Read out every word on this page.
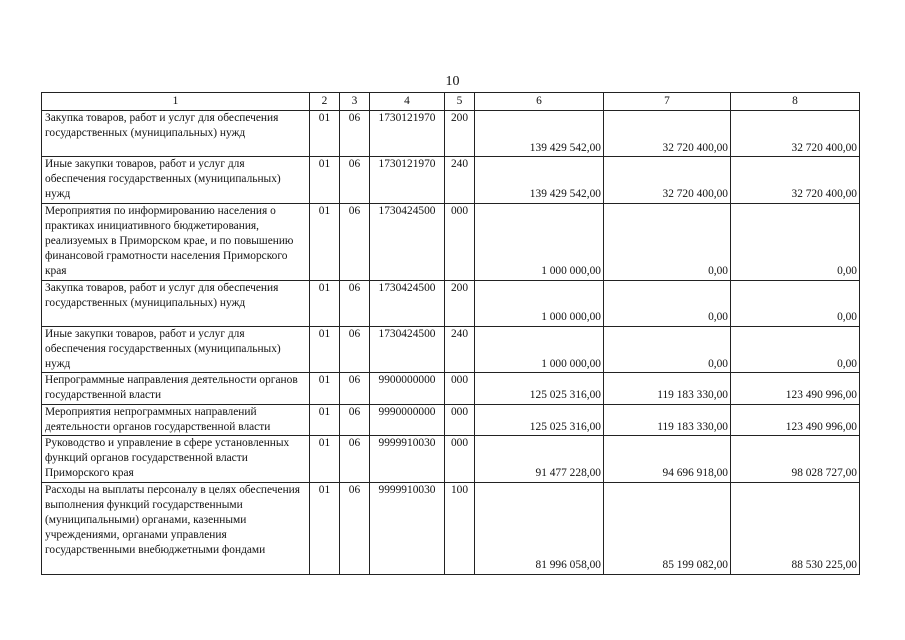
10
1	2	3	4	5	6	7	8
Закупка товаров, работ и услуг для обеспечения государственных (муниципальных) нужд	01	06	1730121970	200	139 429 542,00	32 720 400,00	32 720 400,00
Иные закупки товаров, работ и услуг для обеспечения государственных (муниципальных) нужд	01	06	1730121970	240	139 429 542,00	32 720 400,00	32 720 400,00
Мероприятия по информированию населения о практиках инициативного бюджетирования, реализуемых в Приморском крае, и по повышению финансовой грамотности населения Приморского края	01	06	1730424500	000	1 000 000,00	0,00	0,00
Закупка товаров, работ и услуг для обеспечения государственных (муниципальных) нужд	01	06	1730424500	200	1 000 000,00	0,00	0,00
Иные закупки товаров, работ и услуг для обеспечения государственных (муниципальных) нужд	01	06	1730424500	240	1 000 000,00	0,00	0,00
Непрограммные направления деятельности органов государственной власти	01	06	9900000000	000	125 025 316,00	119 183 330,00	123 490 996,00
Мероприятия непрограммных направлений деятельности органов государственной власти	01	06	9990000000	000	125 025 316,00	119 183 330,00	123 490 996,00
Руководство и управление в сфере установленных функций органов государственной власти Приморского края	01	06	9999910030	000	91 477 228,00	94 696 918,00	98 028 727,00
Расходы на выплаты персоналу в целях обеспечения выполнения функций государственными (муниципальными) органами, казенными учреждениями, органами управления государственными внебюджетными фондами	01	06	9999910030	100	81 996 058,00	85 199 082,00	88 530 225,00
